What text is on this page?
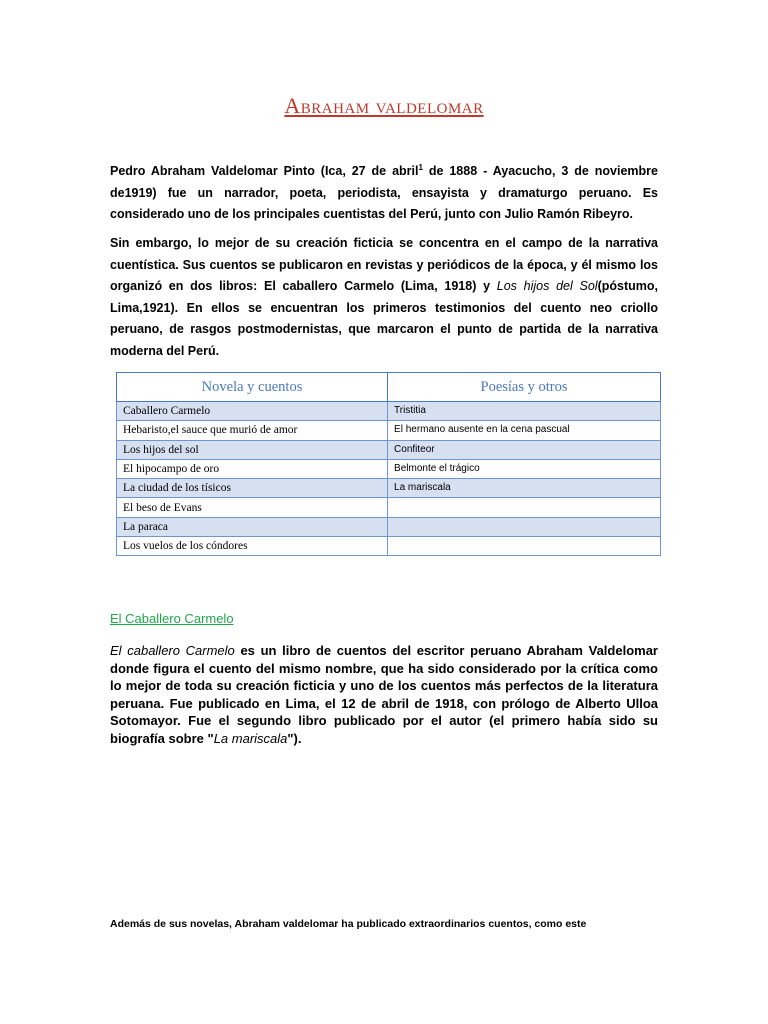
Abraham valdelomar
Pedro Abraham Valdelomar Pinto (Ica, 27 de abril$^1$ de 1888 - Ayacucho, 3 de noviembre de1919) fue un narrador, poeta, periodista, ensayista y dramaturgo peruano. Es considerado uno de los principales cuentistas del Perú, junto con Julio Ramón Ribeyro.
Sin embargo, lo mejor de su creación ficticia se concentra en el campo de la narrativa cuentística. Sus cuentos se publicaron en revistas y periódicos de la época, y él mismo los organizó en dos libros: El caballero Carmelo (Lima, 1918) y Los hijos del Sol(póstumo, Lima,1921). En ellos se encuentran los primeros testimonios del cuento neo criollo peruano, de rasgos postmodernistas, que marcaron el punto de partida de la narrativa moderna del Perú.
Novela y cuentos	Poesías y otros
Caballero Carmelo	Tristitia
Hebaristo,el sauce que murió de amor	El hermano ausente en la cena pascual
Los hijos del sol	Confiteor
El hipocampo de oro	Belmonte el trágico
La ciudad de los tísicos	La mariscala
El beso de Evans	
La paraca	
Los vuelos de los cóndores	
El Caballero Carmelo
El caballero Carmelo es un libro de cuentos del escritor peruano Abraham Valdelomar donde figura el cuento del mismo nombre, que ha sido considerado por la crítica como lo mejor de toda su creación ficticia y uno de los cuentos más perfectos de la literatura peruana. Fue publicado en Lima, el 12 de abril de 1918, con prólogo de Alberto Ulloa Sotomayor. Fue el segundo libro publicado por el autor (el primero había sido su biografía sobre "La mariscala").
Además de sus novelas, Abraham valdelomar ha publicado extraordinarios cuentos, como este
